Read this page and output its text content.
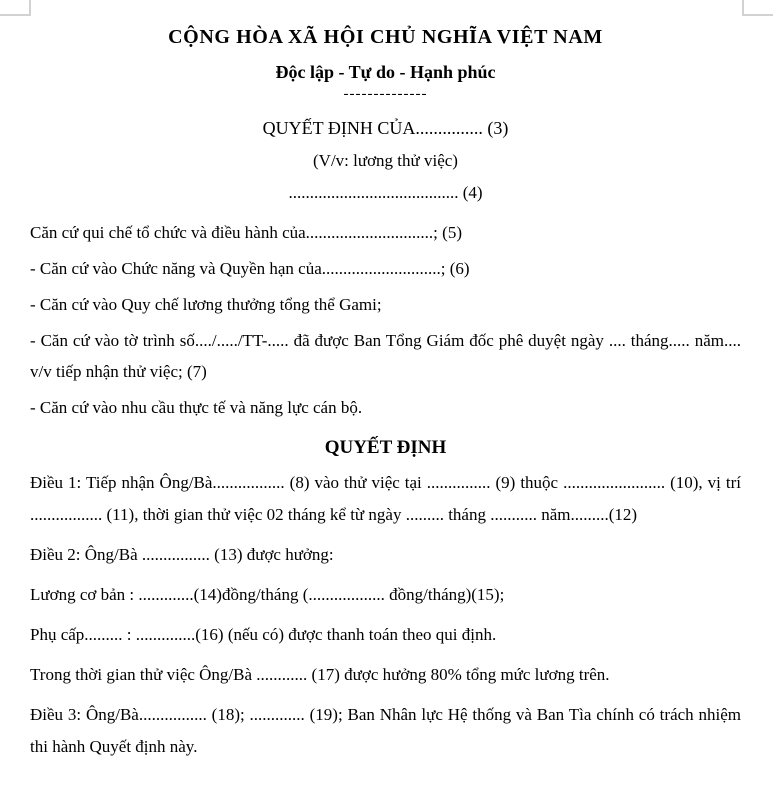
CỘNG HÒA XÃ HỘI CHỦ NGHĨA VIỆT NAM

Độc lập - Tự do - Hạnh phúc

--------------

QUYẾT ĐỊNH CỦA............... (3)

(V/v: lương thử việc)

........................................ (4)

Căn cứ qui chế tổ chức và điều hành của..............................; (5)

- Căn cứ vào Chức năng và Quyền hạn của............................; (6)

- Căn cứ vào Quy chế lương thưởng tổng thể Gami;

- Căn cứ vào tờ trình số..../...../TT-..... đã được Ban Tổng Giám đốc phê duyệt ngày .... tháng..... năm.... v/v tiếp nhận thử việc; (7)

- Căn cứ vào nhu cầu thực tế và năng lực cán bộ.

QUYẾT ĐỊNH

Điều 1: Tiếp nhận Ông/Bà................. (8) vào thử việc tại ............... (9) thuộc ........................ (10), vị trí ................. (11), thời gian thử việc 02 tháng kể từ ngày ......... tháng ........... năm.........(12)

Điều 2: Ông/Bà ................ (13) được hưởng:

Lương cơ bản : .............(14)đồng/tháng (.................. đồng/tháng)(15);

Phụ cấp......... : ..............(16) (nếu có) được thanh toán theo qui định.

Trong thời gian thử việc Ông/Bà ............ (17) được hưởng 80% tổng mức lương trên.

Điều 3: Ông/Bà................ (18); ............. (19); Ban Nhân lực Hệ thống và Ban Tìa chính có trách nhiệm thi hành Quyết định này.
